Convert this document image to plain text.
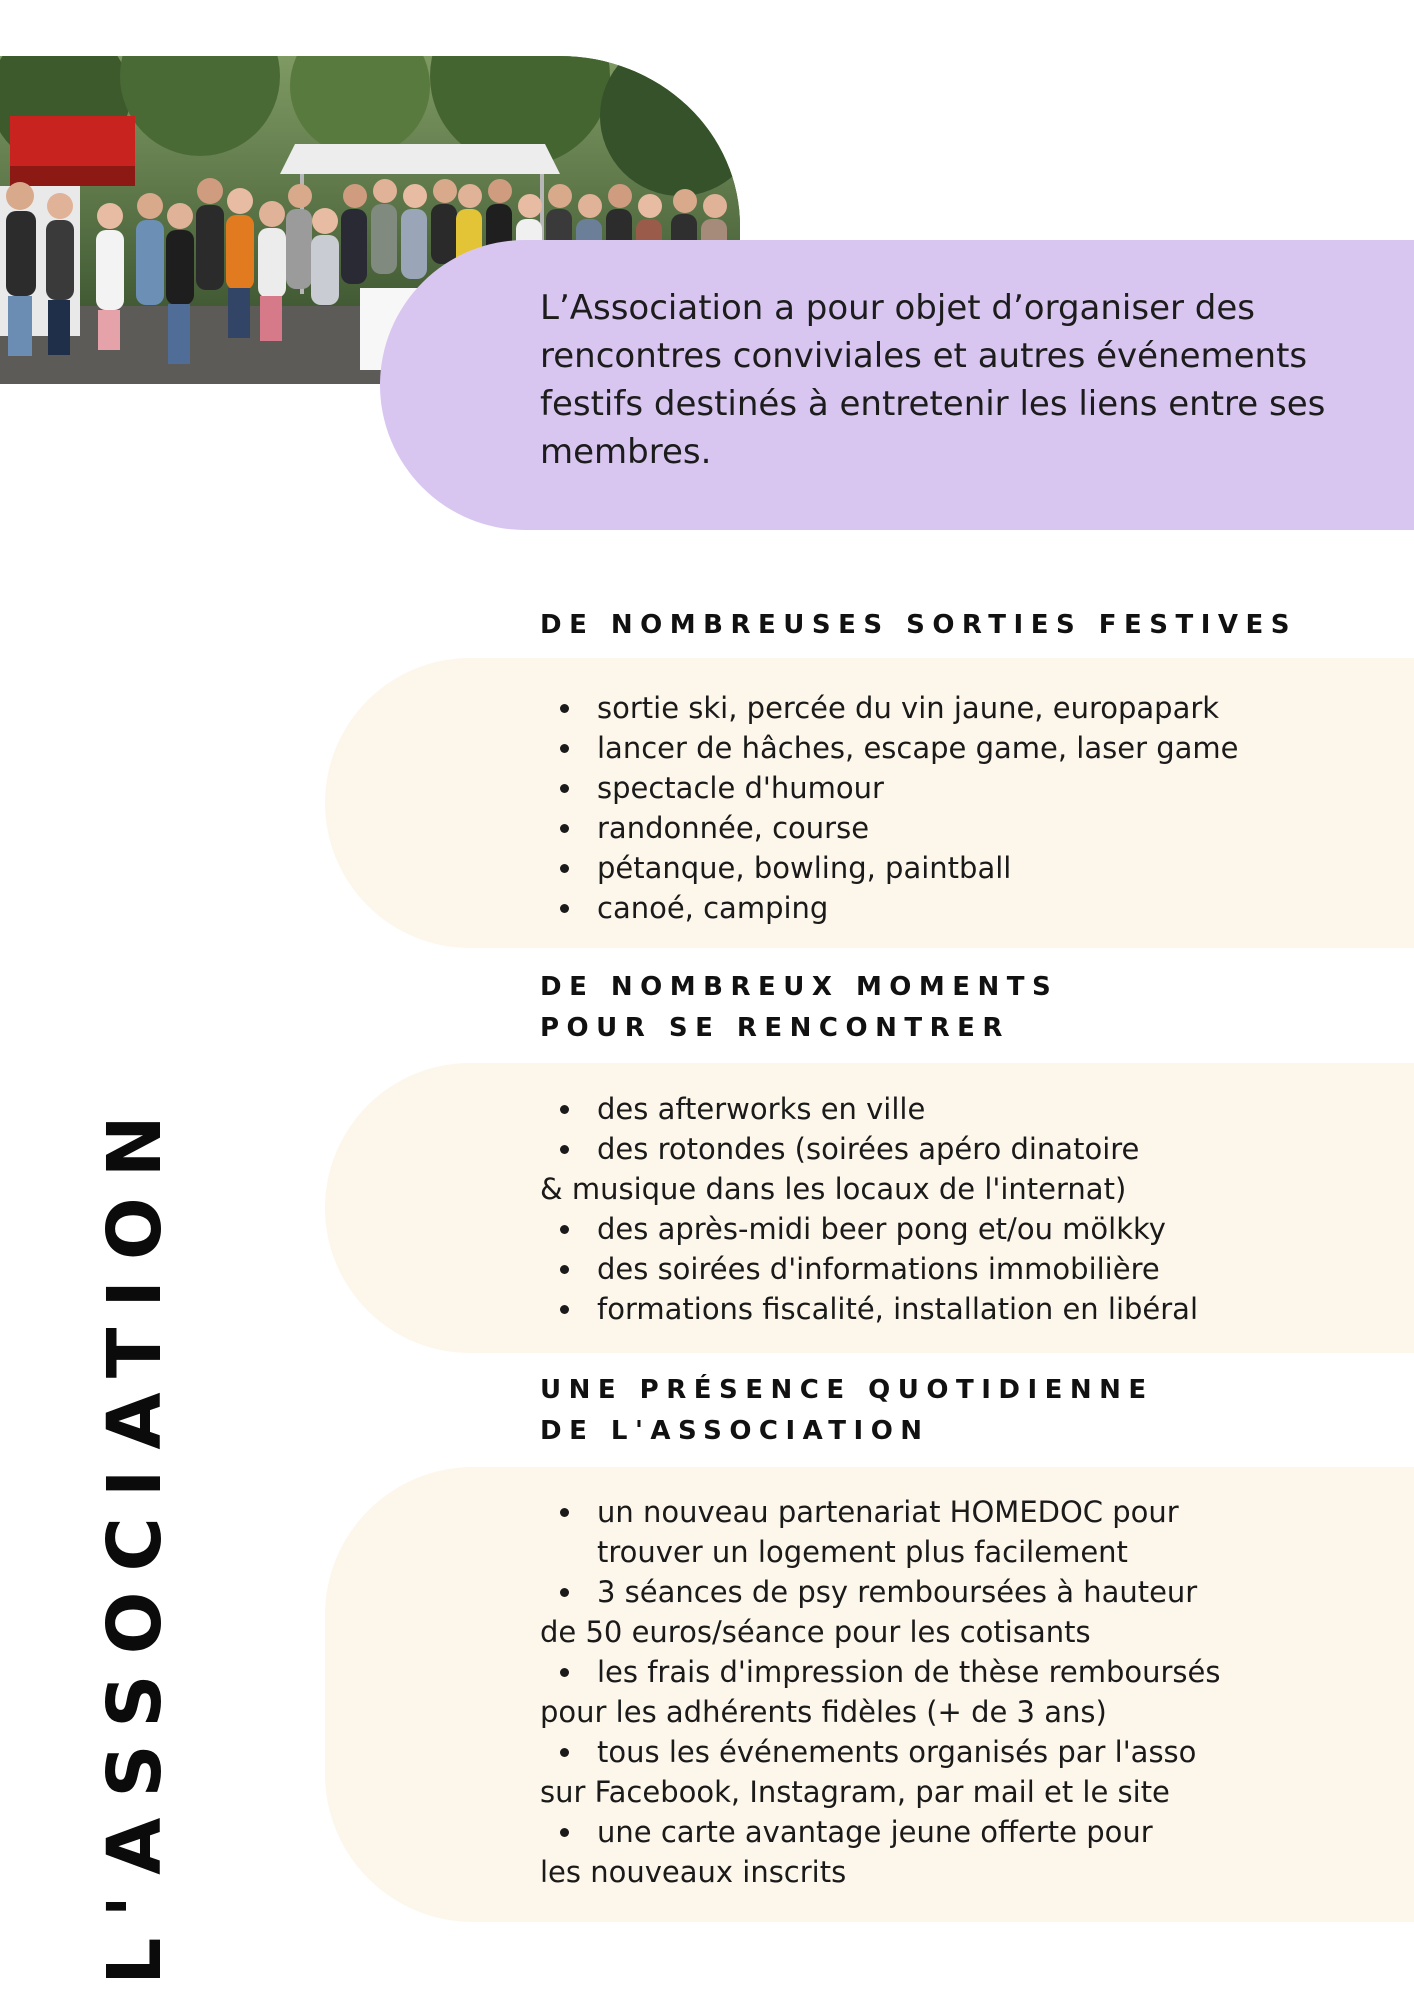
L’Association a pour objet d’organiser des rencontres conviviales et autres événements festifs destinés à entretenir les liens entre ses membres.

DE NOMBREUSES SORTIES FESTIVES
sortie ski, percée du vin jaune, europapark
lancer de hâches, escape game, laser game
spectacle d'humour
randonnée, course
pétanque, bowling, paintball
canoé, camping
DE NOMBREUX MOMENTS
POUR SE RENCONTRER
des afterworks en ville
des rotondes (soirées apéro dinatoire
& musique dans les locaux de l'internat)
des après-midi beer pong et/ou mölkky
des soirées d'informations immobilière
formations fiscalité, installation en libéral
UNE PRÉSENCE QUOTIDIENNE
DE L'ASSOCIATION
un nouveau partenariat HOMEDOC pour
trouver un logement plus facilement
3 séances de psy remboursées à hauteur
de 50 euros/séance pour les cotisants
les frais d'impression de thèse remboursés
pour les adhérents fidèles (+ de 3 ans)
tous les événements organisés par l'asso
sur Facebook, Instagram, par mail et le site
une carte avantage jeune offerte pour
les nouveaux inscrits
L'ASSOCIATION
